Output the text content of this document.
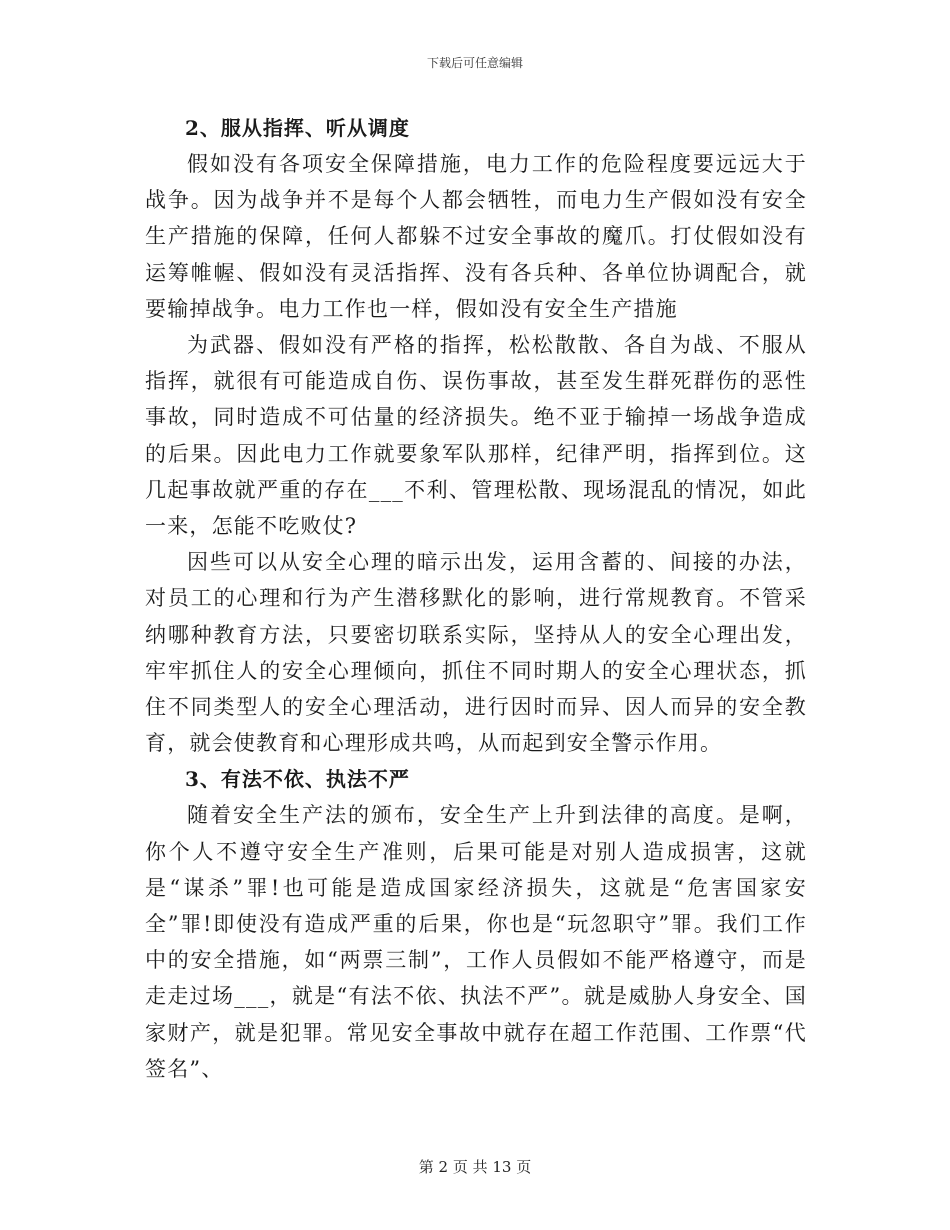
下载后可任意编辑

2、服从指挥、听从调度

假如没有各项安全保障措施，电力工作的危险程度要远远大于战争。因为战争并不是每个人都会牺牲，而电力生产假如没有安全生产措施的保障，任何人都躲不过安全事故的魔爪。打仗假如没有运筹帷幄、假如没有灵活指挥、没有各兵种、各单位协调配合，就要输掉战争。电力工作也一样，假如没有安全生产措施

为武器、假如没有严格的指挥，松松散散、各自为战、不服从指挥，就很有可能造成自伤、误伤事故，甚至发生群死群伤的恶性事故，同时造成不可估量的经济损失。绝不亚于输掉一场战争造成的后果。因此电力工作就要象军队那样，纪律严明，指挥到位。这几起事故就严重的存在___不利、管理松散、现场混乱的情况，如此一来，怎能不吃败仗?

因些可以从安全心理的暗示出发，运用含蓄的、间接的办法，对员工的心理和行为产生潜移默化的影响，进行常规教育。不管采纳哪种教育方法，只要密切联系实际，坚持从人的安全心理出发，牢牢抓住人的安全心理倾向，抓住不同时期人的安全心理状态，抓住不同类型人的安全心理活动，进行因时而异、因人而异的安全教育，就会使教育和心理形成共鸣，从而起到安全警示作用。

3、有法不依、执法不严

随着安全生产法的颁布，安全生产上升到法律的高度。是啊，你个人不遵守安全生产准则，后果可能是对别人造成损害，这就是“谋杀”罪!也可能是造成国家经济损失，这就是“危害国家安全”罪!即使没有造成严重的后果，你也是“玩忽职守”罪。我们工作中的安全措施，如“两票三制”，工作人员假如不能严格遵守，而是走走过场___，就是“有法不依、执法不严”。就是威胁人身安全、国家财产，就是犯罪。常见安全事故中就存在超工作范围、工作票“代签名”、

第 2 页 共 13 页
